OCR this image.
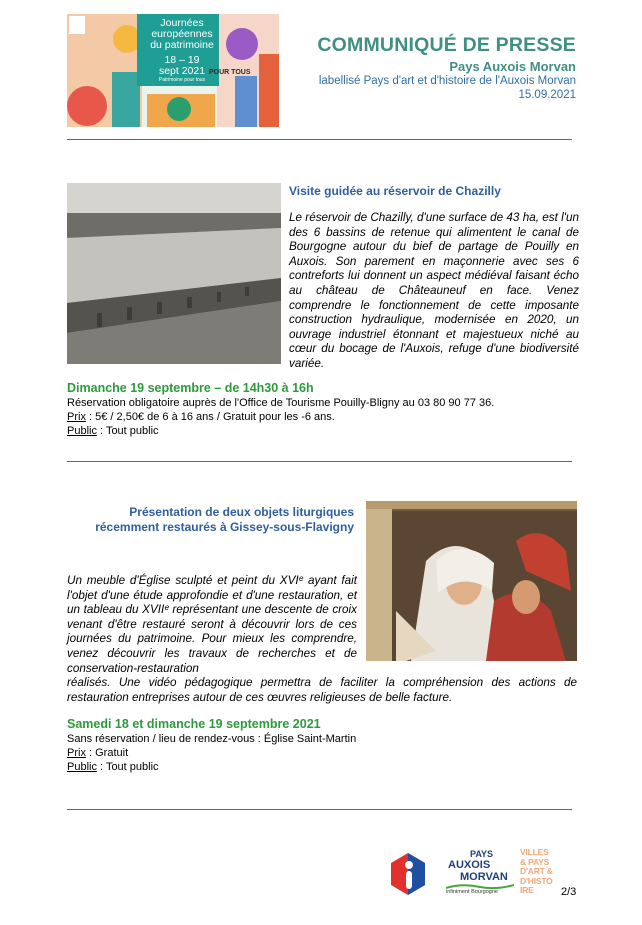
Journées
européennes
du patrimoine
18 – 19
sept 2021
Patrimoine pour tous
POUR TOUS
COMMUNIQUÉ DE PRESSE
Pays Auxois Morvan
labellisé Pays d'art et d'histoire de l'Auxois Morvan
15.09.2021
Visite guidée au réservoir de Chazilly
Le réservoir de Chazilly, d'une surface de 43 ha, est l'un des 6 bassins de retenue qui alimentent le canal de Bourgogne autour du bief de partage de Pouilly en Auxois. Son parement en maçonnerie avec ses 6 contreforts lui donnent un aspect médiéval faisant écho au château de Châteauneuf en face. Venez comprendre le fonctionnement de cette imposante construction hydraulique, modernisée en 2020, un ouvrage industriel étonnant et majestueux niché au cœur du bocage de l'Auxois, refuge d'une biodiversité variée.
Dimanche 19 septembre – de 14h30 à 16h
Réservation obligatoire auprès de l'Office de Tourisme Pouilly-Bligny au 03 80 90 77 36.
Prix : 5€ / 2,50€ de 6 à 16 ans / Gratuit pour les -6 ans.
Public : Tout public
Présentation de deux objets liturgiques
récemment restaurés à Gissey-sous-Flavigny
Un meuble d'Église sculpté et peint du XVIᵉ ayant fait l'objet d'une étude approfondie et d'une restauration, et un tableau du XVIIᵉ représentant une descente de croix venant d'être restauré seront à découvrir lors de ces journées du patrimoine. Pour mieux les comprendre, venez découvrir les travaux de recherches et de conservation-restauration
réalisés. Une vidéo pédagogique permettra de faciliter la compréhension des actions de restauration entreprises autour de ces œuvres religieuses de belle facture.
Samedi 18 et dimanche 19 septembre 2021
Sans réservation / lieu de rendez-vous : Église Saint-Martin
Prix : Gratuit
Public : Tout public
PAYS
AUXOIS
MORVAN
infiniment Bourgogne
VILLES
& PAYS
D'ART &
D'HISTO
IRE	2/3
